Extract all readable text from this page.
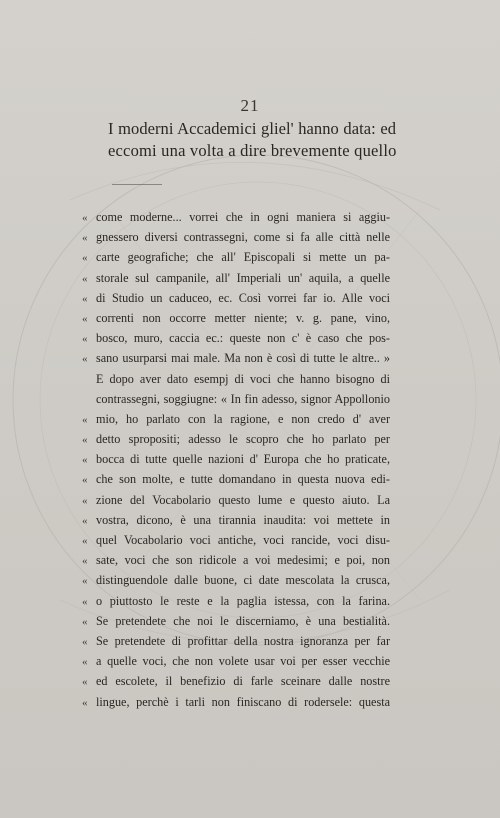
21
I moderni Accademici gliel' hanno data: ed
eccomi una volta a dire brevemente quello
« come moderne... vorrei che in ogni maniera si aggiu-
« gnessero diversi contrassegni, come si fa alle città nelle
« carte geografiche; che all' Episcopali si mette un pa-
« storale sul campanile, all' Imperiali un' aquila, a quelle
« di Studio un caduceo, ec. Così vorrei far io. Alle voci
« correnti non occorre metter niente; v. g. pane, vino,
« bosco, muro, caccia ec.: queste non c' è caso che pos-
« sano usurparsi mai male. Ma non è così di tutte le altre.. »
E dopo aver dato esempj di voci che hanno bisogno di
contrassegni, soggiugne: « In fin adesso, signor Appollonio
« mio, ho parlato con la ragione, e non credo d' aver
« detto spropositi; adesso le scopro che ho parlato per
« bocca di tutte quelle nazioni d' Europa che ho praticate,
« che son molte, e tutte domandano in questa nuova edi-
« zione del Vocabolario questo lume e questo aiuto. La
« vostra, dicono, è una tirannia inaudita: voi mettete in
« quel Vocabolario voci antiche, voci rancide, voci disu-
« sate, voci che son ridicole a voi medesimi; e poi, non
« distinguendole dalle buone, ci date mescolata la crusca,
« o piuttosto le reste e la paglia istessa, con la farina.
« Se pretendete che noi le discerniamo, è una bestialità.
« Se pretendete di profittar della nostra ignoranza per far
« a quelle voci, che non volete usar voi per esser vecchie
« ed escolete, il benefizio di farle sceinare dalle nostre
« lingue, perchè i tarli non finiscano di rodersele: questa
